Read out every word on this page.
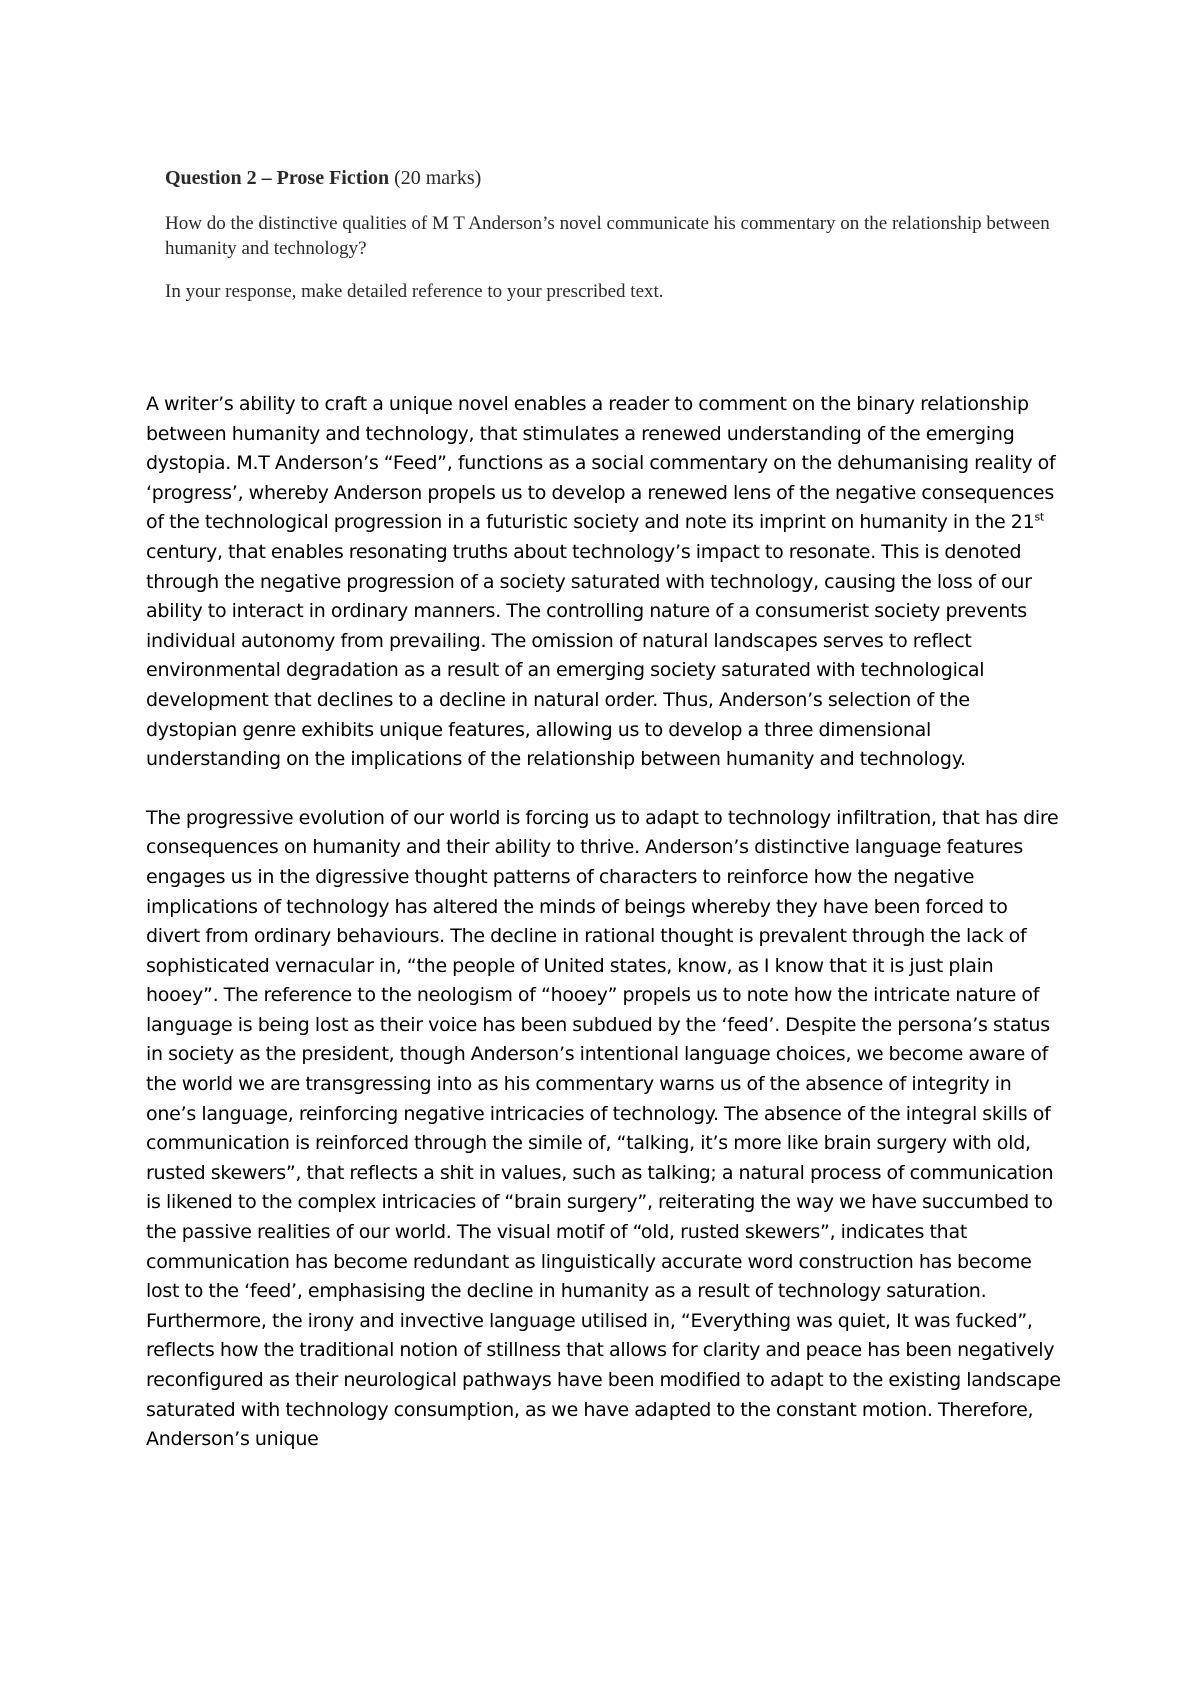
Question 2 – Prose Fiction (20 marks)
How do the distinctive qualities of M T Anderson’s novel communicate his commentary on the relationship between humanity and technology?
In your response, make detailed reference to your prescribed text.

A writer’s ability to craft a unique novel enables a reader to comment on the binary relationship between humanity and technology, that stimulates a renewed understanding of the emerging dystopia. M.T Anderson’s “Feed”, functions as a social commentary on the dehumanising reality of ‘progress’, whereby Anderson propels us to develop a renewed lens of the negative consequences of the technological progression in a futuristic society and note its imprint on humanity in the 21st century, that enables resonating truths about technology’s impact to resonate. This is denoted through the negative progression of a society saturated with technology, causing the loss of our ability to interact in ordinary manners. The controlling nature of a consumerist society prevents individual autonomy from prevailing. The omission of natural landscapes serves to reflect environmental degradation as a result of an emerging society saturated with technological development that declines to a decline in natural order. Thus, Anderson’s selection of the dystopian genre exhibits unique features, allowing us to develop a three dimensional understanding on the implications of the relationship between humanity and technology.

The progressive evolution of our world is forcing us to adapt to technology infiltration, that has dire consequences on humanity and their ability to thrive. Anderson’s distinctive language features engages us in the digressive thought patterns of characters to reinforce how the negative implications of technology has altered the minds of beings whereby they have been forced to divert from ordinary behaviours. The decline in rational thought is prevalent through the lack of sophisticated vernacular in, “the people of United states, know, as I know that it is just plain hooey”. The reference to the neologism of “hooey” propels us to note how the intricate nature of language is being lost as their voice has been subdued by the ‘feed’. Despite the persona’s status in society as the president, though Anderson’s intentional language choices, we become aware of the world we are transgressing into as his commentary warns us of the absence of integrity in one’s language, reinforcing negative intricacies of technology. The absence of the integral skills of communication is reinforced through the simile of, “talking, it’s more like brain surgery with old, rusted skewers”, that reflects a shit in values, such as talking; a natural process of communication is likened to the complex intricacies of “brain surgery”, reiterating the way we have succumbed to the passive realities of our world. The visual motif of “old, rusted skewers”, indicates that communication has become redundant as linguistically accurate word construction has become lost to the ‘feed’, emphasising the decline in humanity as a result of technology saturation. Furthermore, the irony and invective language utilised in, “Everything was quiet, It was fucked”, reflects how the traditional notion of stillness that allows for clarity and peace has been negatively reconfigured as their neurological pathways have been modified to adapt to the existing landscape saturated with technology consumption, as we have adapted to the constant motion. Therefore, Anderson’s unique
